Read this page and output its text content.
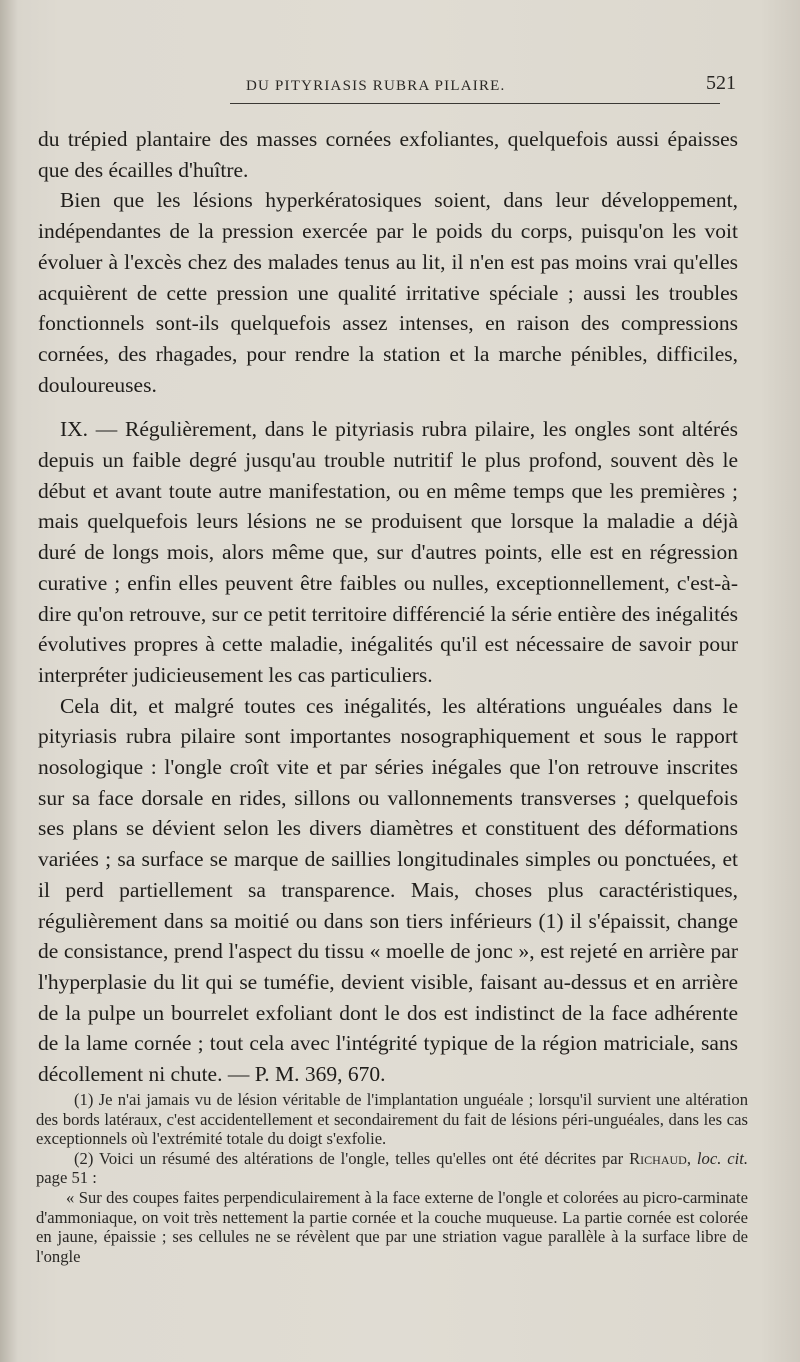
DU PITYRIASIS RUBRA PILAIRE.	521

du trépied plantaire des masses cornées exfoliantes, quelquefois aussi épaisses que des écailles d'huître.

Bien que les lésions hyperkératosiques soient, dans leur développement, indépendantes de la pression exercée par le poids du corps, puisqu'on les voit évoluer à l'excès chez des malades tenus au lit, il n'en est pas moins vrai qu'elles acquièrent de cette pression une qualité irritative spéciale ; aussi les troubles fonctionnels sont-ils quelquefois assez intenses, en raison des compressions cornées, des rhagades, pour rendre la station et la marche pénibles, difficiles, douloureuses.

IX. — Régulièrement, dans le pityriasis rubra pilaire, les ongles sont altérés depuis un faible degré jusqu'au trouble nutritif le plus profond, souvent dès le début et avant toute autre manifestation, ou en même temps que les premières ; mais quelquefois leurs lésions ne se produisent que lorsque la maladie a déjà duré de longs mois, alors même que, sur d'autres points, elle est en régression curative ; enfin elles peuvent être faibles ou nulles, exceptionnellement, c'est-à-dire qu'on retrouve, sur ce petit territoire différencié la série entière des inégalités évolutives propres à cette maladie, inégalités qu'il est nécessaire de savoir pour interpréter judicieusement les cas particuliers.

Cela dit, et malgré toutes ces inégalités, les altérations unguéales dans le pityriasis rubra pilaire sont importantes nosographiquement et sous le rapport nosologique : l'ongle croît vite et par séries inégales que l'on retrouve inscrites sur sa face dorsale en rides, sillons ou vallonnements transverses ; quelquefois ses plans se dévient selon les divers diamètres et constituent des déformations variées ; sa surface se marque de saillies longitudinales simples ou ponctuées, et il perd partiellement sa transparence. Mais, choses plus caractéristiques, régulièrement dans sa moitié ou dans son tiers inférieurs (1) il s'épaissit, change de consistance, prend l'aspect du tissu « moelle de jonc », est rejeté en arrière par l'hyperplasie du lit qui se tuméfie, devient visible, faisant au-dessus et en arrière de la pulpe un bourrelet exfoliant dont le dos est indistinct de la face adhérente de la lame cornée ; tout cela avec l'intégrité typique de la région matriciale, sans décollement ni chute. — P. M. 369, 670.

(1) Je n'ai jamais vu de lésion véritable de l'implantation unguéale ; lorsqu'il survient une altération des bords latéraux, c'est accidentellement et secondairement du fait de lésions péri-unguéales, dans les cas exceptionnels où l'extrémité totale du doigt s'exfolie.

(2) Voici un résumé des altérations de l'ongle, telles qu'elles ont été décrites par Richaud, loc. cit. page 51 :

« Sur des coupes faites perpendiculairement à la face externe de l'ongle et colorées au picro-carminate d'ammoniaque, on voit très nettement la partie cornée et la couche muqueuse. La partie cornée est colorée en jaune, épaissie ; ses cellules ne se révèlent que par une striation vague parallèle à la surface libre de l'ongle
